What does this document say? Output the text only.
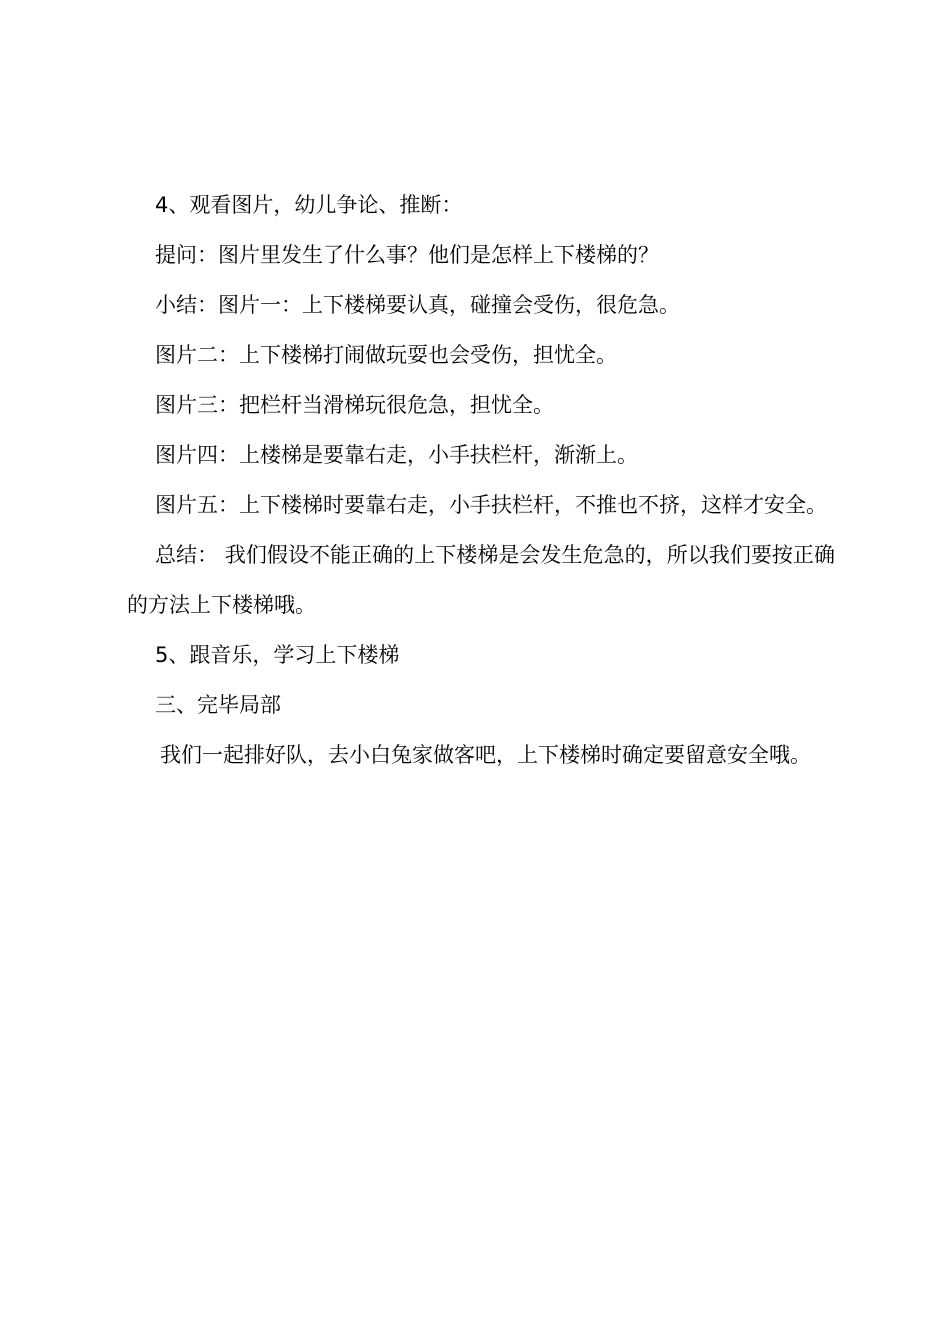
4、观看图片，幼儿争论、推断：

提问：图片里发生了什么事？他们是怎样上下楼梯的？

小结：图片一：上下楼梯要认真，碰撞会受伤，很危急。

图片二：上下楼梯打闹做玩耍也会受伤，担忧全。

图片三：把栏杆当滑梯玩很危急，担忧全。

图片四：上楼梯是要靠右走，小手扶栏杆，渐渐上。

图片五：上下楼梯时要靠右走，小手扶栏杆，不推也不挤，这样才安全。

总结： 我们假设不能正确的上下楼梯是会发生危急的，所以我们要按正确的方法上下楼梯哦。

5、跟音乐，学习上下楼梯

三、完毕局部

我们一起排好队，去小白兔家做客吧，上下楼梯时确定要留意安全哦。
